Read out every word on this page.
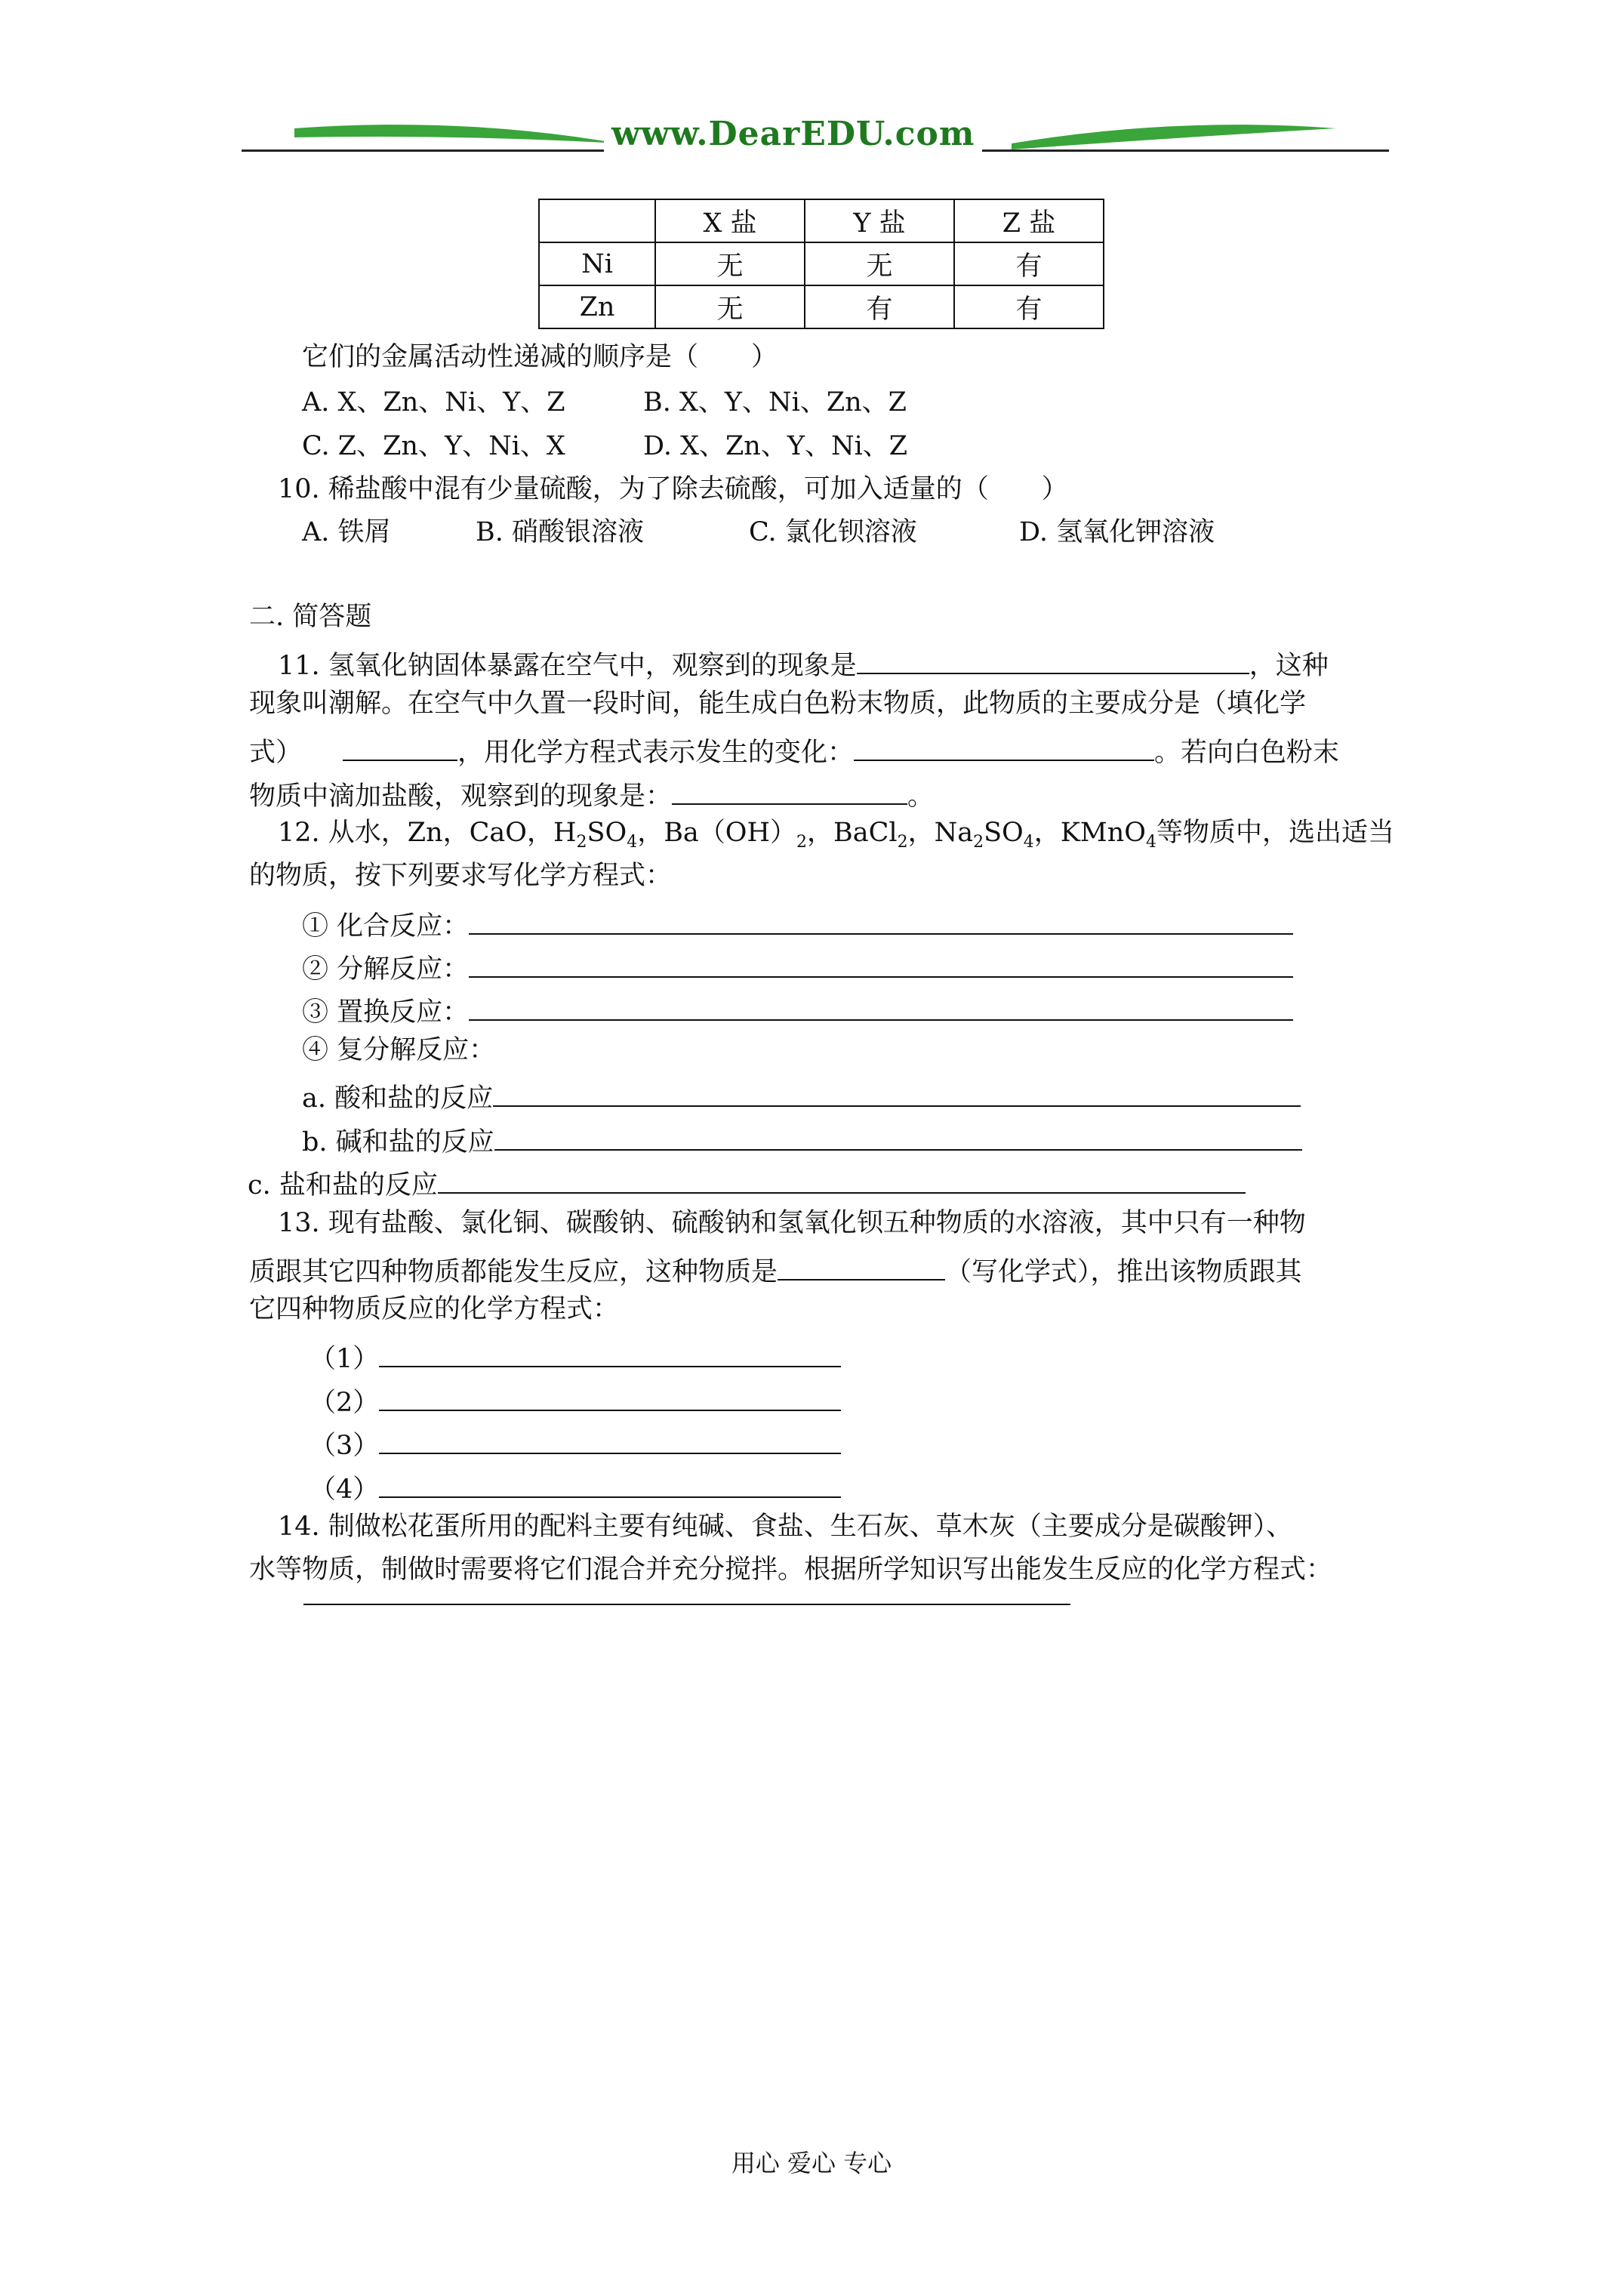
www.DearEDU.com
	X 盐	Y 盐	Z 盐
Ni	无	无	有
Zn	无	有	有
它们的金属活动性递减的顺序是（　　）
A. X、Zn、Ni、Y、Z	B. X、Y、Ni、Zn、Z
C. Z、Zn、Y、Ni、X	D. X、Zn、Y、Ni、Z
10. 稀盐酸中混有少量硫酸，为了除去硫酸，可加入适量的（　　）
A. 铁屑	B. 硝酸银溶液	C. 氯化钡溶液	D. 氢氧化钾溶液
二. 简答题
11. 氢氧化钠固体暴露在空气中，观察到的现象是	，这种
现象叫潮解。在空气中久置一段时间，能生成白色粉末物质，此物质的主要成分是（填化学
式）	，用化学方程式表示发生的变化：	。若向白色粉末
物质中滴加盐酸，观察到的现象是：	。
12. 从水，Zn，CaO，$H_2SO_4$，$Ba(OH)_2$，BaCl$_2$，$Na_2SO_4$，KMnO$_4$等物质中，选出适当
的物质，按下列要求写化学方程式：
① 化合反应：
② 分解反应：
③ 置换反应：
④ 复分解反应：
a. 酸和盐的反应
b. 碱和盐的反应
c. 盐和盐的反应
13. 现有盐酸、氯化铜、碳酸钠、硫酸钠和氢氧化钡五种物质的水溶液，其中只有一种物
质跟其它四种物质都能发生反应，这种物质是	（写化学式），推出该物质跟其
它四种物质反应的化学方程式：
（1）
（2）
（3）
（4）
14. 制做松花蛋所用的配料主要有纯碱、食盐、生石灰、草木灰（主要成分是碳酸钾）、
水等物质，制做时需要将它们混合并充分搅拌。根据所学知识写出能发生反应的化学方程式：
用心 爱心 专心
